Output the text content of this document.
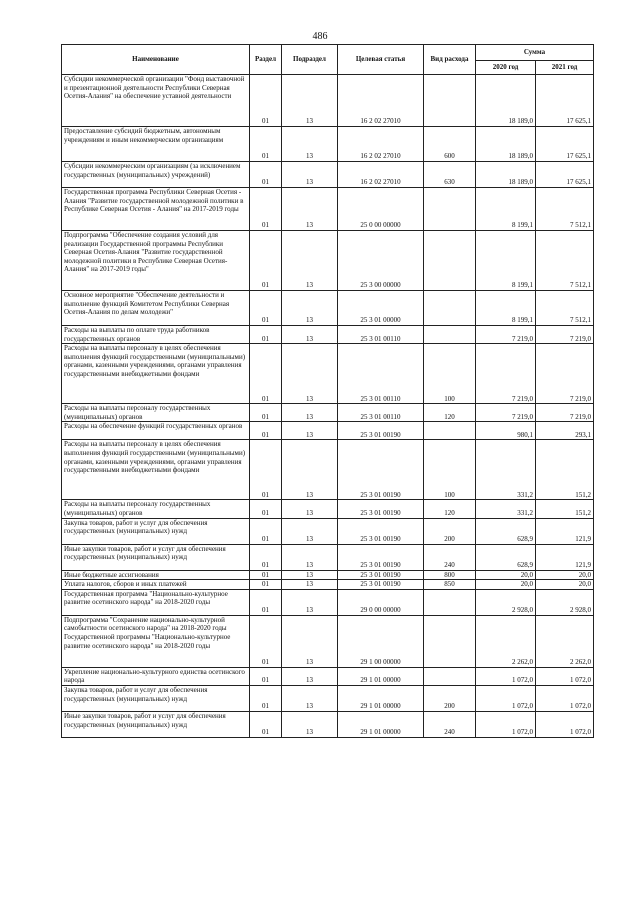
486
Наименование	Раздел	Подраздел	Целевая статья	Вид расхода	Сумма	
					2020 год	2021 год
Субсидии некоммерческой организации "Фонд выставочной и презентационной деятельности Республики Северная Осетия-Алания" на обеспечение уставной деятельности	01	13	16 2 02 27010		18 189,0	17 625,1
Предоставление субсидий бюджетным, автономным учреждениям и иным некоммерческим организациям	01	13	16 2 02 27010	600	18 189,0	17 625,1
Субсидии некоммерческим организациям (за исключением государственных (муниципальных) учреждений)	01	13	16 2 02 27010	630	18 189,0	17 625,1
Государственная программа Республики Северная Осетия - Алания "Развитие государственной молодежной политики в Республике Северная Осетия - Алания" на 2017-2019 годы	01	13	25 0 00 00000		8 199,1	7 512,1
Подпрограмма "Обеспечение создания условий для реализации Государственной программы Республики Северная Осетия-Алания "Развитие государственной молодежной политики в Республике Северная Осетия-Алания" на 2017-2019 годы"	01	13	25 3 00 00000		8 199,1	7 512,1
Основное мероприятие "Обеспечение деятельности и выполнение функций Комитетом Республики Северная Осетия-Алания по делам молодежи"	01	13	25 3 01 00000		8 199,1	7 512,1
Расходы на выплаты по оплате труда работников государственных органов	01	13	25 3 01 00110		7 219,0	7 219,0
Расходы на выплаты персоналу в целях обеспечения выполнения функций государственными (муниципальными) органами, казенными учреждениями, органами управления государственными внебюджетными фондами	01	13	25 3 01 00110	100	7 219,0	7 219,0
Расходы на выплаты персоналу государственных (муниципальных) органов	01	13	25 3 01 00110	120	7 219,0	7 219,0
Расходы на обеспечение функций государственных органов	01	13	25 3 01 00190		980,1	293,1
Расходы на выплаты персоналу в целях обеспечения выполнения функций государственными (муниципальными) органами, казенными учреждениями, органами управления государственными внебюджетными фондами	01	13	25 3 01 00190	100	331,2	151,2
Расходы на выплаты персоналу государственных (муниципальных) органов	01	13	25 3 01 00190	120	331,2	151,2
Закупка товаров, работ и услуг для обеспечения государственных (муниципальных) нужд	01	13	25 3 01 00190	200	628,9	121,9
Иные закупки товаров, работ и услуг для обеспечения государственных (муниципальных) нужд	01	13	25 3 01 00190	240	628,9	121,9
Иные бюджетные ассигнования	01	13	25 3 01 00190	800	20,0	20,0
Уплата налогов, сборов и иных платежей	01	13	25 3 01 00190	850	20,0	20,0
Государственная программа "Национально-культурное развитие осетинского народа" на 2018-2020 годы	01	13	29 0 00 00000		2 928,0	2 928,0
Подпрограмма "Сохранение национально-культурной самобытности осетинского народа" на 2018-2020 годы Государственной программы "Национально-культурное развитие осетинского народа" на 2018-2020 годы	01	13	29 1 00 00000		2 262,0	2 262,0
Укрепление национально-культурного единства осетинского народа	01	13	29 1 01 00000		1 072,0	1 072,0
Закупка товаров, работ и услуг для обеспечения государственных (муниципальных) нужд	01	13	29 1 01 00000	200	1 072,0	1 072,0
Иные закупки товаров, работ и услуг для обеспечения государственных (муниципальных) нужд	01	13	29 1 01 00000	240	1 072,0	1 072,0
